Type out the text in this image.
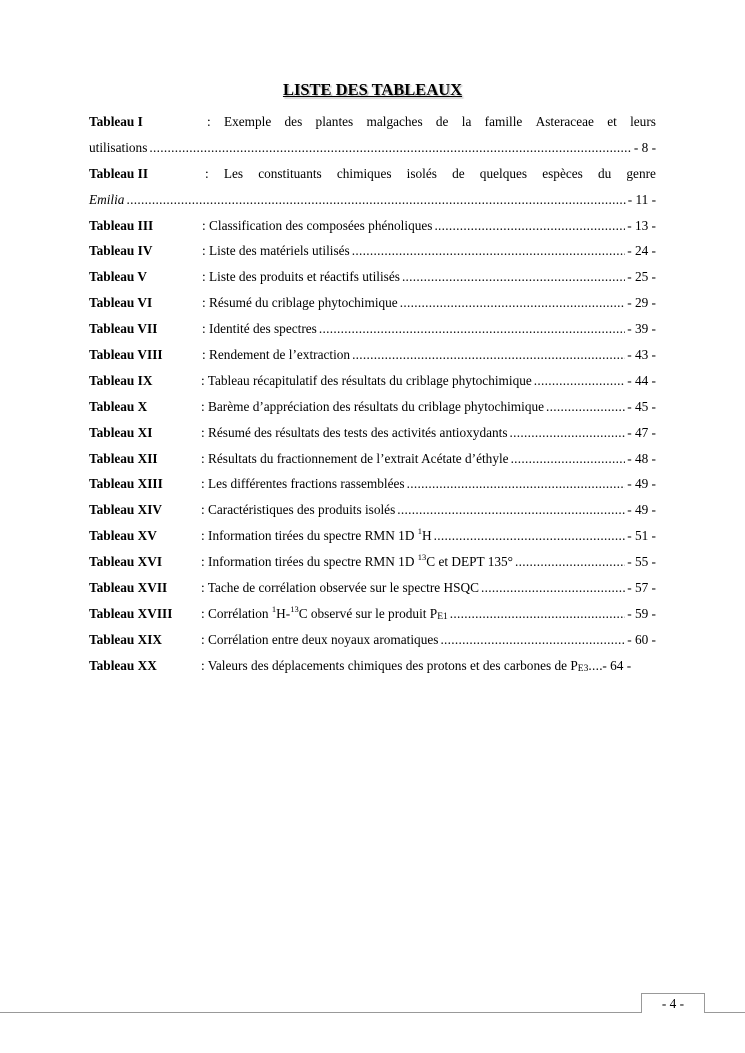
LISTE DES TABLEAUX
Tableau I	: Exemple des plantes malgaches de la famille Asteraceae et leurs
utilisations .....	- 8 -
Tableau II	: Les constituants chimiques isolés de quelques espèces du genre
Emilia .....	- 11 -
Tableau III	: Classification des composées phénoliques .....	- 13 -
Tableau IV	: Liste des matériels utilisés .....	- 24 -
Tableau V	: Liste des produits et réactifs utilisés .....	- 25 -
Tableau VI	: Résumé du criblage phytochimique .....	- 29 -
Tableau VII	: Identité des spectres .....	- 39 -
Tableau VIII	: Rendement de l’extraction .....	- 43 -
Tableau IX	: Tableau récapitulatif des résultats du criblage phytochimique .....	- 44 -
Tableau X	: Barème d’appréciation des résultats du criblage phytochimique .....	- 45 -
Tableau XI	: Résumé des résultats des tests des activités antioxydants .....	- 47 -
Tableau XII	: Résultats du fractionnement de l’extrait Acétate d’éthyle .....	- 48 -
Tableau XIII	: Les différentes fractions rassemblées .....	- 49 -
Tableau XIV	: Caractéristiques des produits isolés .....	- 49 -
Tableau XV	: Information tirées du spectre RMN 1D $^1$H .....	- 51 -
Tableau XVI	: Information tirées du spectre RMN 1D $^{13}$C et DEPT 135° .....	- 55 -
Tableau XVII	: Tache de corrélation observée sur le spectre HSQC .....	- 57 -
Tableau XVIII	: Corrélation $^1$H-$^{13}$C observé sur le produit $P_{E1}$ .....	- 59 -
Tableau XIX	: Corrélation entre deux noyaux aromatiques .....	- 60 -
Tableau XX	: Valeurs des déplacements chimiques des protons et des carbones de $P_{E3}$ ..... - 64 -
- 4 -
